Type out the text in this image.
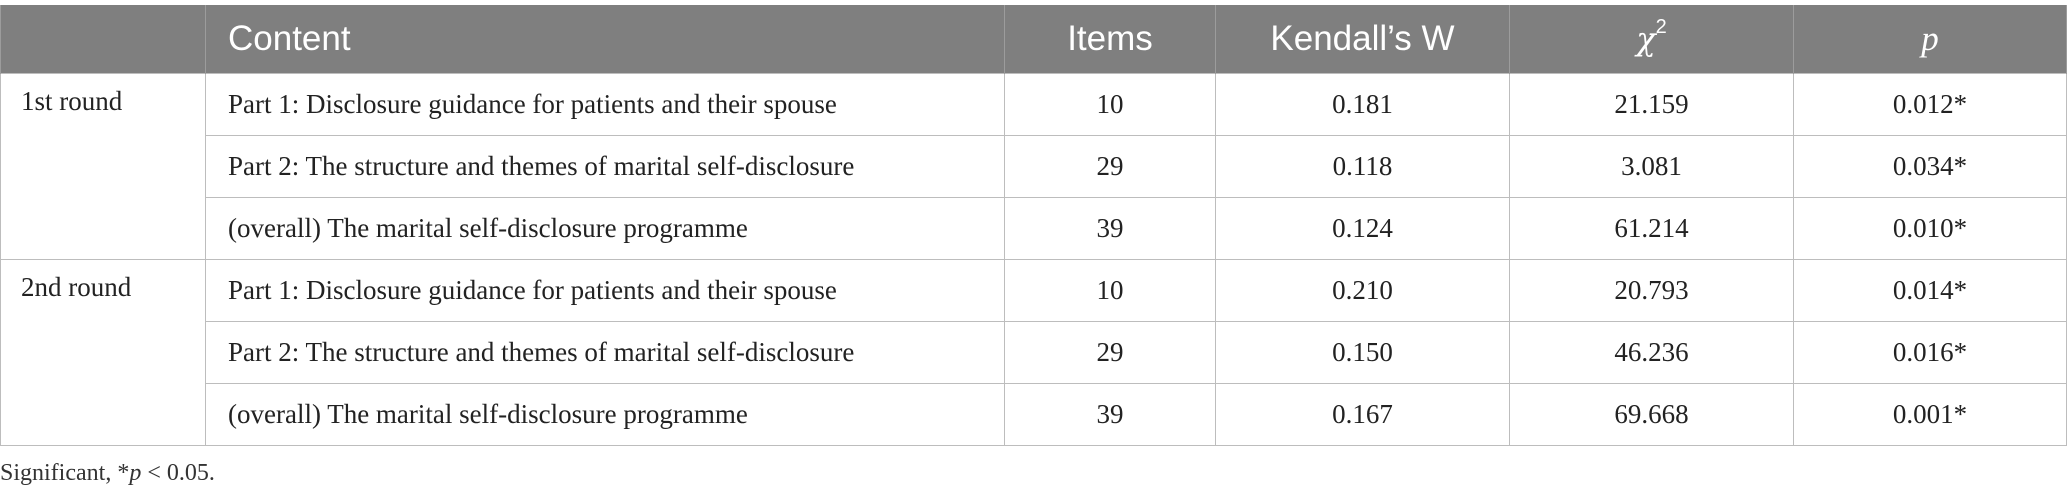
	Content	Items	Kendall’s W	$\chi^2$	p
1st round	Part 1: Disclosure guidance for patients and their spouse	10	0.181	21.159	0.012*
	Part 2: The structure and themes of marital self-disclosure	29	0.118	3.081	0.034*
	(overall) The marital self-disclosure programme	39	0.124	61.214	0.010*
2nd round	Part 1: Disclosure guidance for patients and their spouse	10	0.210	20.793	0.014*
	Part 2: The structure and themes of marital self-disclosure	29	0.150	46.236	0.016*
	(overall) The marital self-disclosure programme	39	0.167	69.668	0.001*
Significant, *p < 0.05.
